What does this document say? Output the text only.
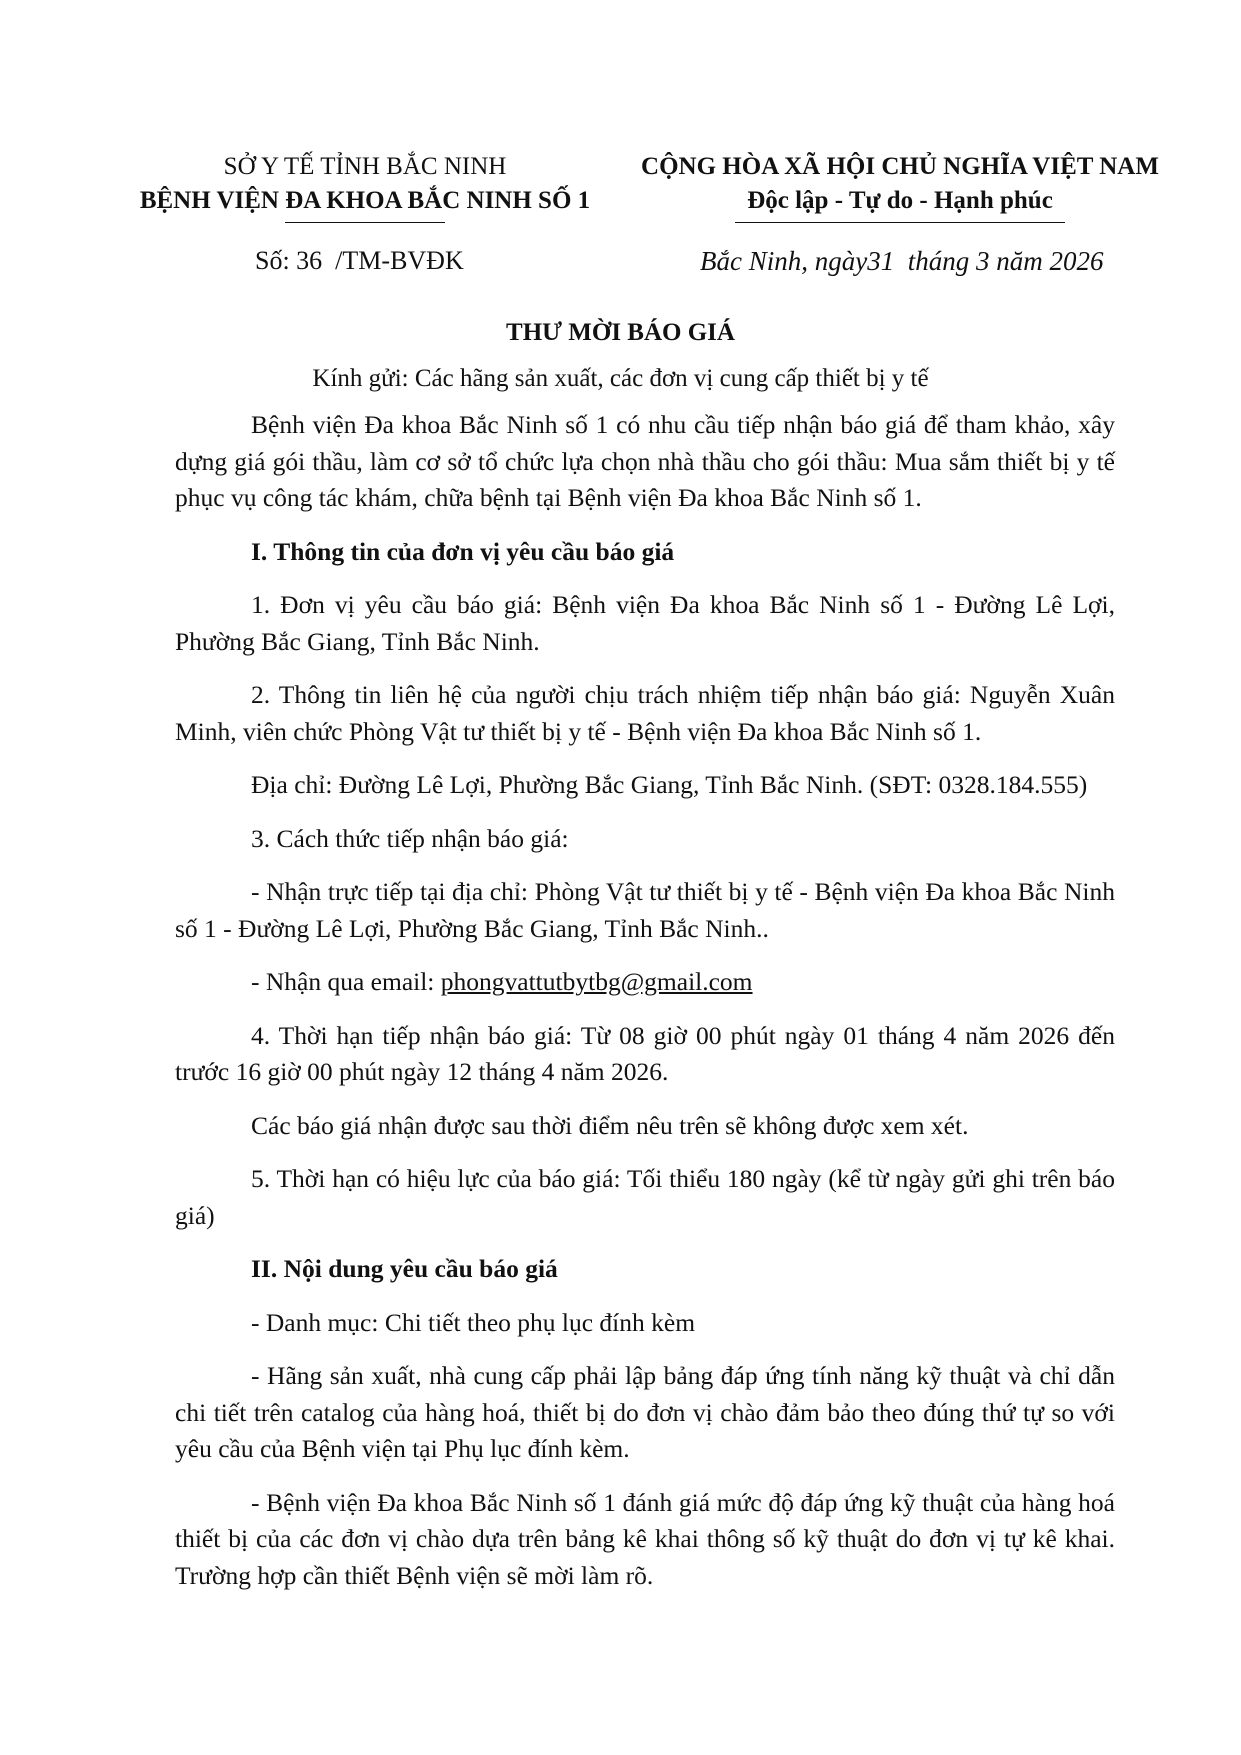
SỞ Y TẾ TỈNH BẮC NINH
BỆNH VIỆN ĐA KHOA BẮC NINH SỐ 1
CỘNG HÒA XÃ HỘI CHỦ NGHĨA VIỆT NAM
Độc lập - Tự do - Hạnh phúc
Số: 36  /TM-BVĐK	Bắc Ninh, ngày31  tháng 3 năm 2026
THƯ MỜI BÁO GIÁ
Kính gửi: Các hãng sản xuất, các đơn vị cung cấp thiết bị y tế

Bệnh viện Đa khoa Bắc Ninh số 1 có nhu cầu tiếp nhận báo giá để tham khảo, xây dựng giá gói thầu, làm cơ sở tổ chức lựa chọn nhà thầu cho gói thầu: Mua sắm thiết bị y tế phục vụ công tác khám, chữa bệnh tại Bệnh viện Đa khoa Bắc Ninh số 1.

I. Thông tin của đơn vị yêu cầu báo giá

1. Đơn vị yêu cầu báo giá: Bệnh viện Đa khoa Bắc Ninh số 1 - Đường Lê Lợi, Phường Bắc Giang, Tỉnh Bắc Ninh.

2. Thông tin liên hệ của người chịu trách nhiệm tiếp nhận báo giá: Nguyễn Xuân Minh, viên chức Phòng Vật tư thiết bị y tế - Bệnh viện Đa khoa Bắc Ninh số 1.

Địa chỉ: Đường Lê Lợi, Phường Bắc Giang, Tỉnh Bắc Ninh. (SĐT: 0328.184.555)

3. Cách thức tiếp nhận báo giá:

- Nhận trực tiếp tại địa chỉ: Phòng Vật tư thiết bị y tế - Bệnh viện Đa khoa Bắc Ninh số 1 - Đường Lê Lợi, Phường Bắc Giang, Tỉnh Bắc Ninh..

- Nhận qua email: phongvattutbytbg@gmail.com

4. Thời hạn tiếp nhận báo giá: Từ 08 giờ 00 phút ngày 01 tháng 4 năm 2026 đến trước 16 giờ 00 phút ngày 12 tháng 4 năm 2026.

Các báo giá nhận được sau thời điểm nêu trên sẽ không được xem xét.

5. Thời hạn có hiệu lực của báo giá: Tối thiểu 180 ngày (kể từ ngày gửi ghi trên báo giá)

II. Nội dung yêu cầu báo giá

- Danh mục: Chi tiết theo phụ lục đính kèm

- Hãng sản xuất, nhà cung cấp phải lập bảng đáp ứng tính năng kỹ thuật và chỉ dẫn chi tiết trên catalog của hàng hoá, thiết bị do đơn vị chào đảm bảo theo đúng thứ tự so với yêu cầu của Bệnh viện tại Phụ lục đính kèm.

- Bệnh viện Đa khoa Bắc Ninh số 1 đánh giá mức độ đáp ứng kỹ thuật của hàng hoá thiết bị của các đơn vị chào dựa trên bảng kê khai thông số kỹ thuật do đơn vị tự kê khai. Trường hợp cần thiết Bệnh viện sẽ mời làm rõ.
